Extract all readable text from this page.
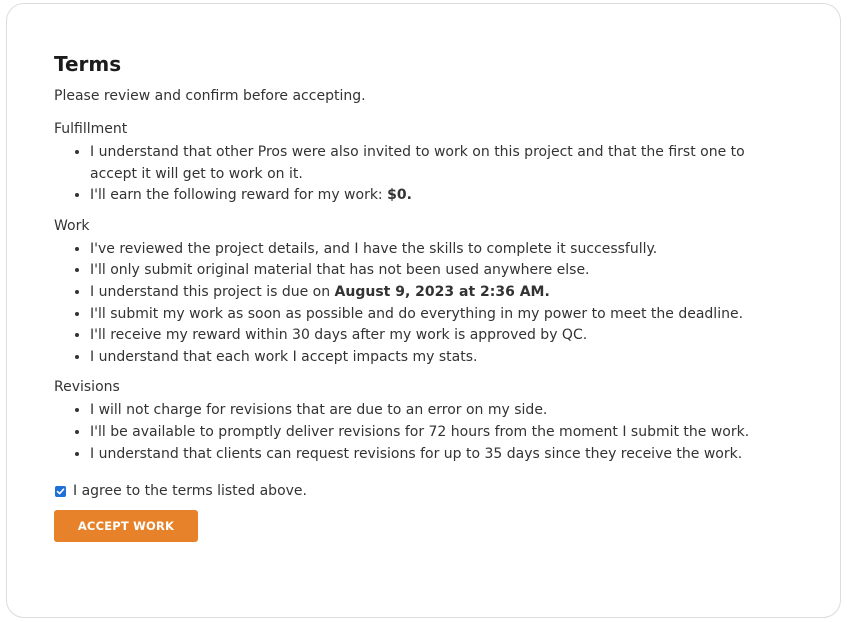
Terms
Please review and confirm before accepting.
Fulfillment
• I understand that other Pros were also invited to work on this project and that the first one to accept it will get to work on it.
• I'll earn the following reward for my work: $0.
Work
• I've reviewed the project details, and I have the skills to complete it successfully.
• I'll only submit original material that has not been used anywhere else.
• I understand this project is due on August 9, 2023 at 2:36 AM.
• I'll submit my work as soon as possible and do everything in my power to meet the deadline.
• I'll receive my reward within 30 days after my work is approved by QC.
• I understand that each work I accept impacts my stats.
Revisions
• I will not charge for revisions that are due to an error on my side.
• I'll be available to promptly deliver revisions for 72 hours from the moment I submit the work.
• I understand that clients can request revisions for up to 35 days since they receive the work.
I agree to the terms listed above.
ACCEPT WORK
